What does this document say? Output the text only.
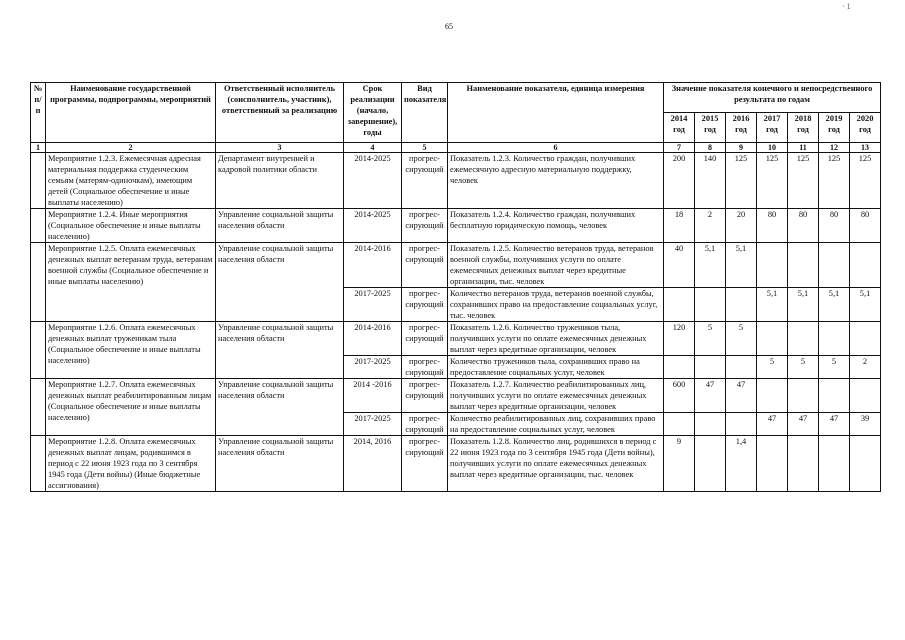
· 1
65
№ п/п	Наименование государственной программы, подпрограммы, мероприятий	Ответственный исполнитель (соисполнитель, участник), ответственный за реализацию	Срок реализации (начало, завершение), годы	Вид показателя	Наименование показателя, единица измерения	Значение показателя конечного и непосредственного результата по годам						
						2014 год	2015 год	2016 год	2017 год	2018 год	2019 год	2020 год
1	2	3	4	5	6	7	8	9	10	11	12	13
	Мероприятие 1.2.3. Ежемесячная адресная материальная поддержка студенческим семьям (матерям-одиночкам), имеющим детей (Социальное обеспечение и иные выплаты населению)	Департамент внутренней и кадровой политики области	2014-2025	прогрес- сирующий	Показатель 1.2.3. Количество граждан, получивших ежемесячную адресную материальную поддержку, человек	200	140	125	125	125	125	125
	Мероприятие 1.2.4. Иные мероприятия (Социальное обеспечение и иные выплаты населению)	Управление социальной защиты населения области	2014-2025	прогрес- сирующий	Показатель 1.2.4. Количество граждан, получивших бесплатную юридическую помощь, человек	18	2	20	80	80	80	80
	Мероприятие 1.2.5. Оплата ежемесячных денежных выплат ветеранам труда, ветеранам военной службы (Социальное обеспечение и иные выплаты населению)	Управление социальной защиты населения области	2014-2016	прогрес- сирующий	Показатель 1.2.5. Количество ветеранов труда, ветеранов военной службы, получивших услуги по оплате ежемесячных денежных выплат через кредитные организации, тыс. человек	40	5,1	5,1				
			2017-2025	прогрес- сирующий	Количество ветеранов труда, ветеранов военной службы, сохранивших право на предоставление социальных услуг, тыс. человек				5,1	5,1	5,1	5,1
	Мероприятие 1.2.6. Оплата ежемесячных денежных выплат труженикам тыла (Социальное обеспечение и иные выплаты населению)	Управление социальной защиты населения области	2014-2016	прогрес- сирующий	Показатель 1.2.6. Количество тружеников тыла, получивших услуги по оплате ежемесячных денежных выплат через кредитные организации, человек	120	5	5				
			2017-2025	прогрес- сирующий	Количество тружеников тыла, сохранивших право на предоставление социальных услуг, человек				5	5	5	2
	Мероприятие 1.2.7. Оплата ежемесячных денежных выплат реабилитированным лицам (Социальное обеспечение и иные выплаты населению)	Управление социальной защиты населения области	2014 -2016	прогрес- сирующий	Показатель 1.2.7. Количество реабилитированных лиц, получивших услуги по оплате ежемесячных денежных выплат через кредитные организации, человек	600	47	47				
			2017-2025	прогрес- сирующий	Количество реабилитированных лиц, сохранивших право на предоставление социальных услуг, человек				47	47	47	39
	Мероприятие 1.2.8. Оплата ежемесячных денежных выплат лицам, родившимся в период с 22 июня 1923 года по 3 сентября 1945 года (Дети войны) (Иные бюджетные ассигнования)	Управление социальной защиты населения области	2014, 2016	прогрес- сирующий	Показатель 1.2.8. Количество лиц, родившихся в период с 22 июня 1923 года по 3 сентября 1945 года (Дети войны), получивших услуги по оплате ежемесячных денежных выплат через кредитные организации, тыс. человек	9		1,4				
